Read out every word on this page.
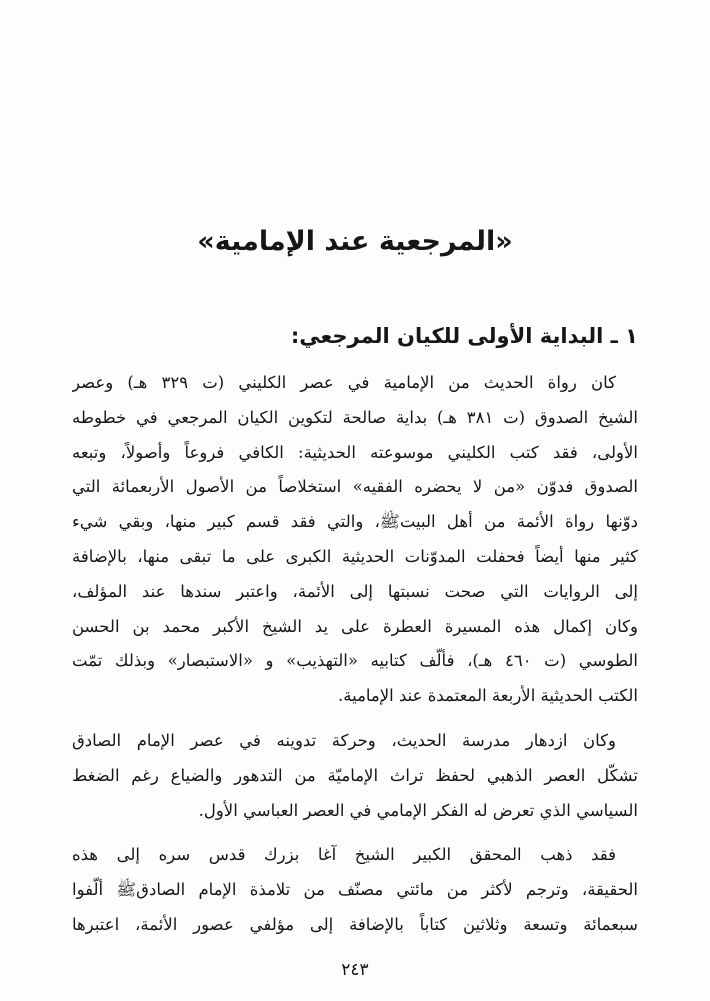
«المرجعية عند الإمامية»
١ ـ البداية الأولى للكيان المرجعي:
كان رواة الحديث من الإمامية في عصر الكليني (ت ٣٢٩ هـ) وعصر
الشيخ الصدوق (ت ٣٨١ هـ) بداية صالحة لتكوين الكيان المرجعي في خطوطه
الأولى، فقد كتب الكليني موسوعته الحديثية: الكافي فروعاً وأصولاً، وتبعه
الصدوق فدوّن «من لا يحضره الفقيه» استخلاصاً من الأصول الأربعمائة التي
دوّنها رواة الأئمة من أهل البيتﷺ، والتي فقد قسم كبير منها، وبقي شيء
كثير منها أيضاً فحفلت المدوّنات الحديثية الكبرى على ما تبقى منها، بالإضافة
إلى الروايات التي صحت نسبتها إلى الأئمة، واعتبر سندها عند المؤلف،
وكان إكمال هذه المسيرة العطرة على يد الشيخ الأكبر محمد بن الحسن
الطوسي (ت ٤٦٠ هـ)، فألّف كتابيه «التهذيب» و «الاستبصار» وبذلك تمّت
الكتب الحديثية الأربعة المعتمدة عند الإمامية.
وكان ازدهار مدرسة الحديث، وحركة تدوينه في عصر الإمام الصادق
تشكّل العصر الذهبي لحفظ تراث الإماميّة من التدهور والضياع رغم الضغط
السياسي الذي تعرض له الفكر الإمامي في العصر العباسي الأول.
فقد ذهب المحقق الكبير الشيخ آغا بزرك قدس سره إلى هذه
الحقيقة، وترجم لأكثر من مائتي مصنّف من تلامذة الإمام الصادقﷺ ألّفوا
سبعمائة وتسعة وثلاثين كتاباً بالإضافة إلى مؤلفي عصور الأئمة، اعتبرها
٢٤٣
